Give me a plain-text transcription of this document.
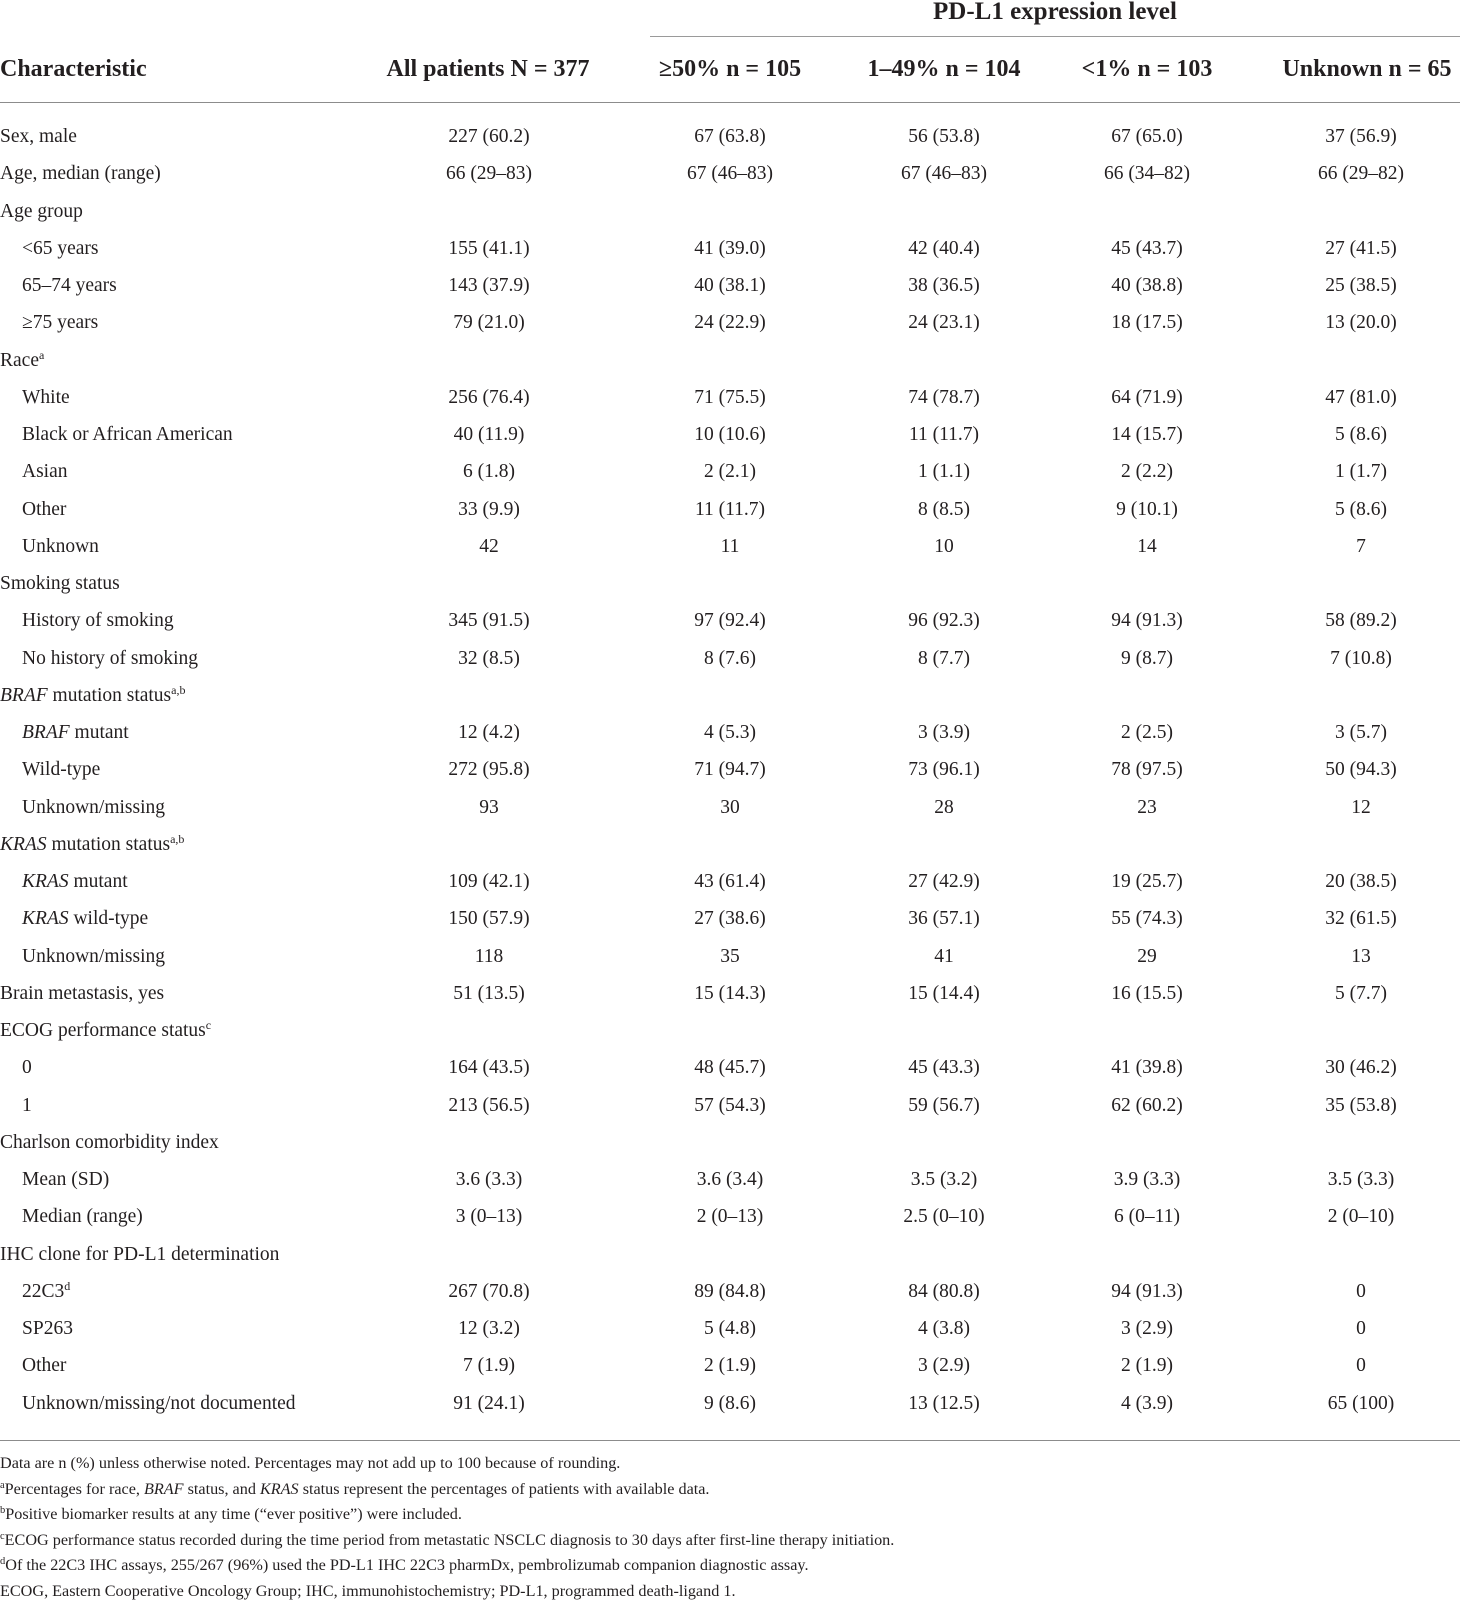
PD-L1 expression level
Characteristic	All patients N = 377	≥50% n = 105	1–49% n = 104	<1% n = 103	Unknown n = 65
Sex, male	227 (60.2)	67 (63.8)	56 (53.8)	67 (65.0)	37 (56.9)
Age, median (range)	66 (29–83)	67 (46–83)	67 (46–83)	66 (34–82)	66 (29–82)
Age group
<65 years	155 (41.1)	41 (39.0)	42 (40.4)	45 (43.7)	27 (41.5)
65–74 years	143 (37.9)	40 (38.1)	38 (36.5)	40 (38.8)	25 (38.5)
≥75 years	79 (21.0)	24 (22.9)	24 (23.1)	18 (17.5)	13 (20.0)
Race$^a$
White	256 (76.4)	71 (75.5)	74 (78.7)	64 (71.9)	47 (81.0)
Black or African American	40 (11.9)	10 (10.6)	11 (11.7)	14 (15.7)	5 (8.6)
Asian	6 (1.8)	2 (2.1)	1 (1.1)	2 (2.2)	1 (1.7)
Other	33 (9.9)	11 (11.7)	8 (8.5)	9 (10.1)	5 (8.6)
Unknown	42	11	10	14	7
Smoking status
History of smoking	345 (91.5)	97 (92.4)	96 (92.3)	94 (91.3)	58 (89.2)
No history of smoking	32 (8.5)	8 (7.6)	8 (7.7)	9 (8.7)	7 (10.8)
BRAF mutation status$^{a,b}$
BRAF mutant	12 (4.2)	4 (5.3)	3 (3.9)	2 (2.5)	3 (5.7)
Wild-type	272 (95.8)	71 (94.7)	73 (96.1)	78 (97.5)	50 (94.3)
Unknown/missing	93	30	28	23	12
KRAS mutation status$^{a,b}$
KRAS mutant	109 (42.1)	43 (61.4)	27 (42.9)	19 (25.7)	20 (38.5)
KRAS wild-type	150 (57.9)	27 (38.6)	36 (57.1)	55 (74.3)	32 (61.5)
Unknown/missing	118	35	41	29	13
Brain metastasis, yes	51 (13.5)	15 (14.3)	15 (14.4)	16 (15.5)	5 (7.7)
ECOG performance status$^c$
0	164 (43.5)	48 (45.7)	45 (43.3)	41 (39.8)	30 (46.2)
1	213 (56.5)	57 (54.3)	59 (56.7)	62 (60.2)	35 (53.8)
Charlson comorbidity index
Mean (SD)	3.6 (3.3)	3.6 (3.4)	3.5 (3.2)	3.9 (3.3)	3.5 (3.3)
Median (range)	3 (0–13)	2 (0–13)	2.5 (0–10)	6 (0–11)	2 (0–10)
IHC clone for PD-L1 determination
22C3$^d$	267 (70.8)	89 (84.8)	84 (80.8)	94 (91.3)	0
SP263	12 (3.2)	5 (4.8)	4 (3.8)	3 (2.9)	0
Other	7 (1.9)	2 (1.9)	3 (2.9)	2 (1.9)	0
Unknown/missing/not documented	91 (24.1)	9 (8.6)	13 (12.5)	4 (3.9)	65 (100)
Data are n (%) unless otherwise noted. Percentages may not add up to 100 because of rounding.
$^a$Percentages for race, BRAF status, and KRAS status represent the percentages of patients with available data.
$^b$Positive biomarker results at any time (“ever positive”) were included.
$^c$ECOG performance status recorded during the time period from metastatic NSCLC diagnosis to 30 days after first-line therapy initiation.
$^d$Of the 22C3 IHC assays, 255/267 (96%) used the PD-L1 IHC 22C3 pharmDx, pembrolizumab companion diagnostic assay.
ECOG, Eastern Cooperative Oncology Group; IHC, immunohistochemistry; PD-L1, programmed death-ligand 1.
